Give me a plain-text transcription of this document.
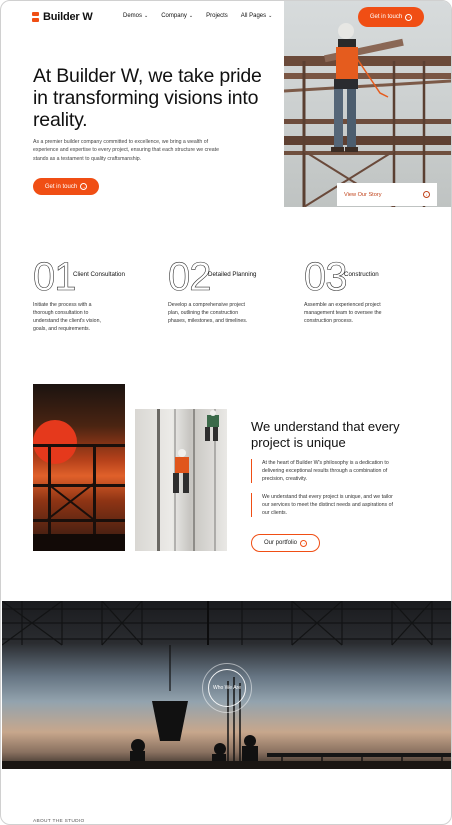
Builder W	Demos ⌄ Company ⌄ Projects All Pages ⌄	Get in touch	→
At Builder W, we take pride in transforming visions into reality.

As a premier builder company committed to excellence, we bring a wealth of experience and expertise to every project, ensuring that each structure we create stands as a testament to quality craftsmanship.

Get in touch	→
View Our Story	↓
01
Client Consultation
Initiate the process with a thorough consultation to understand the client's vision, goals, and requirements.
02
Detailed Planning
Develop a comprehensive project plan, outlining the construction phases, milestones, and timelines.
03
Construction
Assemble an experienced project management team to oversee the construction process.
We understand that every project is unique

At the heart of Builder W's philosophy is a dedication to delivering exceptional results through a combination of precision, creativity.

We understand that every project is unique, and we tailor our services to meet the distinct needs and aspirations of our clients.

Our portfolio	→
Who We Are
ABOUT THE STUDIO
